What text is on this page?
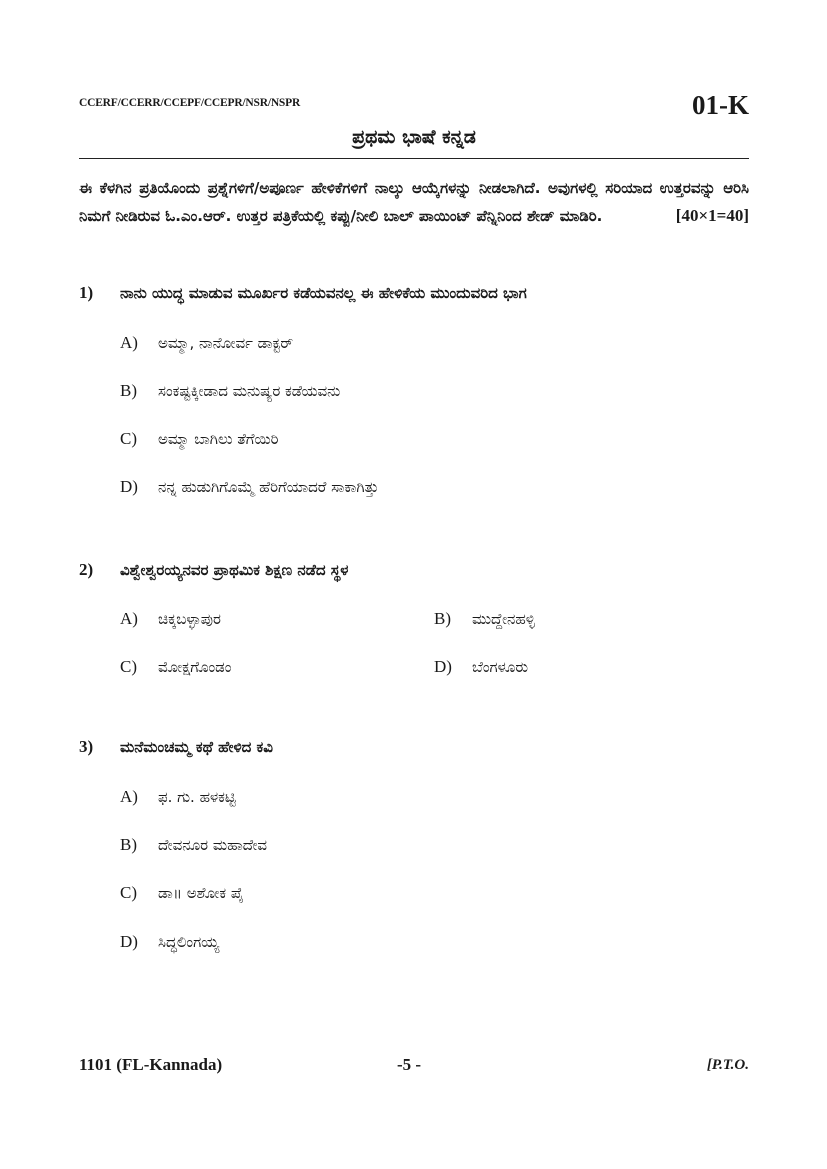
CCERF/CCERR/CCEPF/CCEPR/NSR/NSPR	01-K
ಪ್ರಥಮ ಭಾಷೆ ಕನ್ನಡ
ಈ ಕೆಳಗಿನ ಪ್ರತಿಯೊಂದು ಪ್ರಶ್ನೆಗಳಿಗೆ/ಅಪೂರ್ಣ ಹೇಳಿಕೆಗಳಿಗೆ ನಾಲ್ಕು ಆಯ್ಕೆಗಳನ್ನು ನೀಡಲಾಗಿದೆ. ಅವುಗಳಲ್ಲಿ ಸರಿಯಾದ ಉತ್ತರವನ್ನು ಆರಿಸಿ ನಿಮಗೆ ನೀಡಿರುವ ಓ.ಎಂ.ಆರ್. ಉತ್ತರ ಪತ್ರಿಕೆಯಲ್ಲಿ ಕಪ್ಪು/ನೀಲಿ ಬಾಲ್ ಪಾಯಿಂಟ್ ಪೆನ್ನಿನಿಂದ ಶೇಡ್ ಮಾಡಿರಿ.	[40×1=40]
1)	ನಾನು ಯುದ್ಧ ಮಾಡುವ ಮೂರ್ಖರ ಕಡೆಯವನಲ್ಲ ಈ ಹೇಳಿಕೆಯ ಮುಂದುವರಿದ ಭಾಗ
A)	ಅಮ್ಮಾ, ನಾನೋರ್ವ ಡಾಕ್ಟರ್
B)	ಸಂಕಷ್ಟಕ್ಕೀಡಾದ ಮನುಷ್ಯರ ಕಡೆಯವನು
C)	ಅಮ್ಮಾ ಬಾಗಿಲು ತೆಗೆಯಿರಿ
D)	ನನ್ನ ಹುಡುಗಿಗೊಮ್ಮೆ ಹೆರಿಗೆಯಾದರೆ ಸಾಕಾಗಿತ್ತು
2)	ವಿಶ್ವೇಶ್ವರಯ್ಯನವರ ಪ್ರಾಥಮಿಕ ಶಿಕ್ಷಣ ನಡೆದ ಸ್ಥಳ
A)	ಚಿಕ್ಕಬಳ್ಳಾಪುರ	B)	ಮುದ್ದೇನಹಳ್ಳಿ
C)	ಮೋಕ್ಷಗೊಂಡಂ	D)	ಬೆಂಗಳೂರು
3)	ಮನೆಮಂಚಮ್ಮ ಕಥೆ ಹೇಳಿದ ಕವಿ
A)	ಫ. ಗು. ಹಳಕಟ್ಟಿ
B)	ದೇವನೂರ ಮಹಾದೇವ
C)	ಡಾ॥ ಅಶೋಕ ಪೈ
D)	ಸಿದ್ಧಲಿಂಗಯ್ಯ
1101 (FL-Kannada)	-5 -	[P.T.O.
